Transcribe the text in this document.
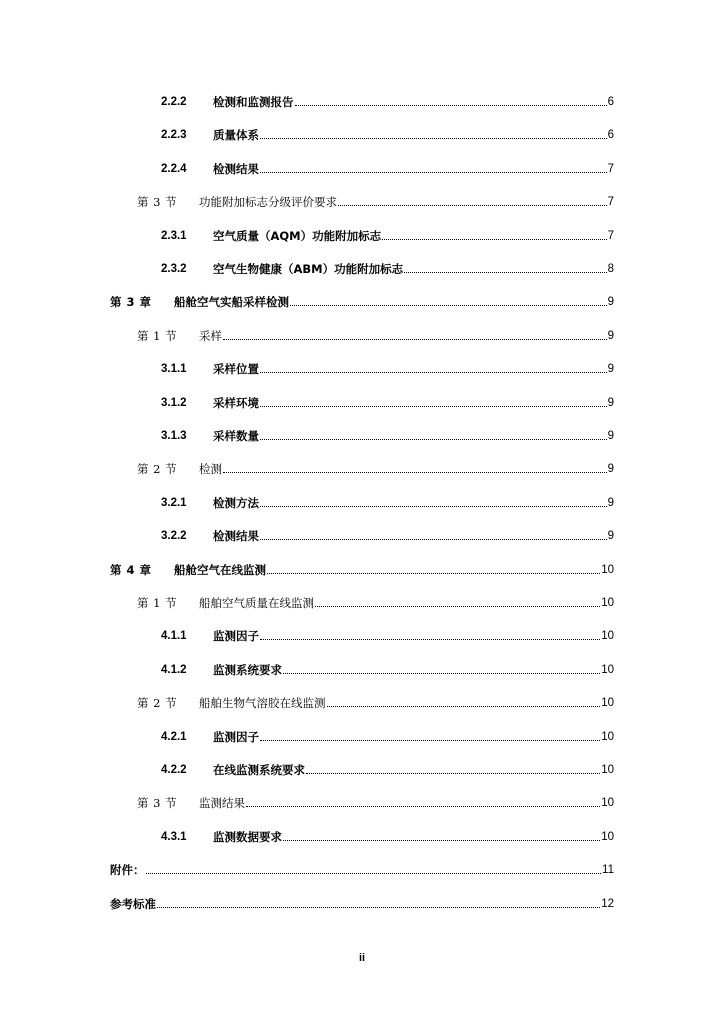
2.2.2	检测和监测报告	6
2.2.3	质量体系	6
2.2.4	检测结果	7
第 3 节	功能附加标志分级评价要求	7
2.3.1	空气质量（AQM）功能附加标志	7
2.3.2	空气生物健康（ABM）功能附加标志	8
第 3 章	船舱空气实船采样检测	9
第 1 节	采样	9
3.1.1	采样位置	9
3.1.2	采样环境	9
3.1.3	采样数量	9
第 2 节	检测	9
3.2.1	检测方法	9
3.2.2	检测结果	9
第 4 章	船舱空气在线监测	10
第 1 节	船舶空气质量在线监测	10
4.1.1	监测因子	10
4.1.2	监测系统要求	10
第 2 节	船舶生物气溶胶在线监测	10
4.2.1	监测因子	10
4.2.2	在线监测系统要求	10
第 3 节	监测结果	10
4.3.1	监测数据要求	10
附件：	11
参考标准	12
ii
